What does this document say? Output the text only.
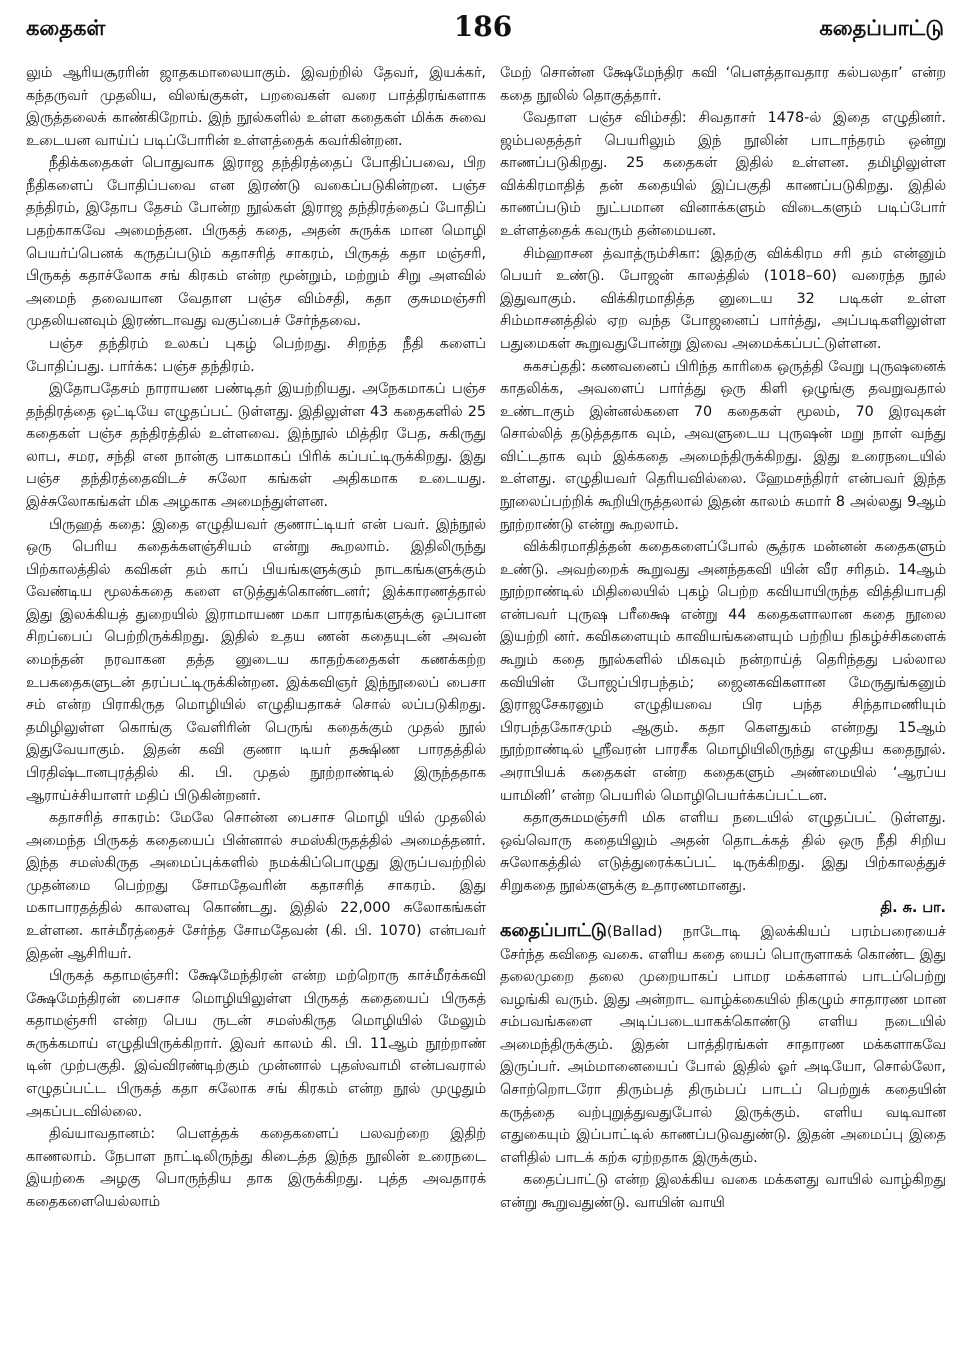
கதைகள்	186	கதைப்பாட்டு

லும் ஆரியசூரரின் ஜாதகமாலையாகும். இவற்றில் தேவர், இயக்கர், கந்தருவர் முதலிய, விலங்குகள், பறவைகள் வரை பாத்திரங்களாக இருத்தலைக் காண்கிறோம். இந் நூல்களில் உள்ள கதைகள் மிக்க சுவை உடையன வாய்ப் படிப்போரின் உள்ளத்தைக் கவர்கின்றன.

நீதிக்கதைகள் பொதுவாக இராஜ தந்திரத்தைப் போதிப்பவை, பிற நீதிகளைப் போதிப்பவை என இரண்டு வகைப்படுகின்றன. பஞ்ச தந்திரம், இதோப தேசம் போன்ற நூல்கள் இராஜ தந்திரத்தைப் போதிப் பதற்காகவே அமைந்தன. பிருகத் கதை, அதன் சுருக்க மான மொழி பெயர்ப்பெனக் கருதப்படும் கதாசரித் சாகரம், பிருகத் கதா மஞ்சரி, பிருகத் கதாச்லோக சங் கிரகம் என்ற மூன்றும், மற்றும் சிறு அளவில் அமைந் தவையான வேதாள பஞ்ச விம்சதி, கதா குசுமமஞ்சரி முதலியனவும் இரண்டாவது வகுப்பைச் சேர்ந்தவை.

பஞ்ச தந்திரம் உலகப் புகழ் பெற்றது. சிறந்த நீதி களைப் போதிப்பது. பார்க்க: பஞ்ச தந்திரம்.

இதோபதேசம் நாராயண பண்டிதர் இயற்றியது. அநேகமாகப் பஞ்ச தந்திரத்தை ஒட்டியே எழுதப்பட் டுள்ளது. இதிலுள்ள 43 கதைகளில் 25 கதைகள் பஞ்ச தந்திரத்தில் உள்ளவை. இந்நூல் மித்திர பேத, சுகிருது லாப, சமர, சந்தி என நான்கு பாகமாகப் பிரிக் கப்பட்டிருக்கிறது. இது பஞ்ச தந்திரத்தைவிடச் சுலோ கங்கள் அதிகமாக உடையது. இச்சுலோகங்கள் மிக அழகாக அமைந்துள்ளன.

பிருஹத் கதை: இதை எழுதியவர் குணாட்டியர் என் பவர். இந்நூல் ஒரு பெரிய கதைக்களஞ்சியம் என்று கூறலாம். இதிலிருந்து பிற்காலத்தில் கவிகள் தம் காப் பியங்களுக்கும் நாடகங்களுக்கும் வேண்டிய மூலக்கதை களை எடுத்துக்கொண்டனர்; இக்காரணத்தால் இது இலக்கியத் துறையில் இராமாயண மகா பாரதங்களுக்கு ஒப்பான சிறப்பைப் பெற்றிருக்கிறது. இதில் உதய ணன் கதையுடன் அவன் மைந்தன் நரவாகன தத்த னுடைய காதற்கதைகள் கணக்கற்ற உபகதைகளுடன் தரப்பட்டிருக்கின்றன. இக்கவிஞர் இந்நூலைப் பைசா சம் என்ற பிராகிருத மொழியில் எழுதியதாகச் சொல் லப்படுகிறது. தமிழிலுள்ள கொங்கு வேளிரின் பெருங் கதைக்கும் முதல் நூல் இதுவேயாகும். இதன் கவி குணா டியர் தக்ஷிண பாரதத்தில் பிரதிஷ்டானபுரத்தில் கி. பி. முதல் நூற்றாண்டில் இருந்ததாக ஆராய்ச்சியாளர் மதிப் பிடுகின்றனர்.

கதாசரித் சாகரம்: மேலே சொன்ன பைசாச மொழி யில் முதலில் அமைந்த பிருகத் கதையைப் பின்னால் சமஸ்கிருதத்தில் அமைத்தனர். இந்த சமஸ்கிருத அமைப்புக்களில் நமக்கிப்பொழுது இருப்பவற்றில் முதன்மை பெற்றது சோமதேவரின் கதாசரித் சாகரம். இது மகாபாரதத்தில் காலளவு கொண்டது. இதில் 22,000 சுலோகங்கள் உள்ளன. காச்மீரத்தைச் சேர்ந்த சோமதேவன் (கி. பி. 1070) என்பவர் இதன் ஆசிரியர்.

பிருகத் கதாமஞ்சரி: க்ஷேமேந்திரன் என்ற மற்றொரு காச்மீரக்கவி க்ஷேமேந்திரன் பைசாச மொழியிலுள்ள பிருகத் கதையைப் பிருகத் கதாமஞ்சரி என்ற பெய ருடன் சமஸ்கிருத மொழியில் மேலும் சுருக்கமாய் எழுதியிருக்கிறார். இவர் காலம் கி. பி. 11ஆம் நூற்றாண் டின் முற்பகுதி. இவ்விரண்டிற்கும் முன்னால் புதஸ்வாமி என்பவரால் எழுதப்பட்ட பிருகத் கதா சுலோக சங் கிரகம் என்ற நூல் முழுதும் அகப்படவில்லை.

திவ்யாவதானம்: பௌத்தக் கதைகளைப் பலவற்றை இதிற் காணலாம். நேபாள நாட்டிலிருந்து கிடைத்த இந்த நூலின் உரைநடை இயற்கை அழகு பொருந்திய தாக இருக்கிறது. புத்த அவதாரக் கதைகளையெல்லாம்

மேற் சொன்ன க்ஷேமேந்திர கவி ‘பௌத்தாவதார கல்பலதா’ என்ற கதை நூலில் தொகுத்தார்.

வேதாள பஞ்ச விம்சதி: சிவதாசர் 1478-ல் இதை எழுதினர். ஜம்பலதத்தர் பெயரிலும் இந் நூலின் பாடாந்தரம் ஒன்று காணப்படுகிறது. 25 கதைகள் இதில் உள்ளன. தமிழிலுள்ள விக்கிரமாதித் தன் கதையில் இப்பகுதி காணப்படுகிறது. இதில் காணப்படும் நுட்பமான வினாக்களும் விடைகளும் படிப்போர் உள்ளத்தைக் கவரும் தன்மையன.

சிம்ஹாசன த்வாத்ரும்சிகா: இதற்கு விக்கிரம சரி தம் என்னும் பெயர் உண்டு. போஜன் காலத்தில் (1018–60) வரைந்த நூல் இதுவாகும். விக்கிரமாதித்த னுடைய 32 படிகள் உள்ள சிம்மாசனத்தில் ஏற வந்த போஜனைப் பார்த்து, அப்படிகளிலுள்ள பதுமைகள் கூறுவதுபோன்று இவை அமைக்கப்பட்டுள்ளன.

சுகசப்ததி: கணவனைப் பிரிந்த காரிகை ஒருத்தி வேறு புருஷனைக் காதலிக்க, அவளைப் பார்த்து ஒரு கிளி ஒழுங்கு தவறுவதால் உண்டாகும் இன்னல்களை 70 கதைகள் மூலம், 70 இரவுகள் சொல்லித் தடுத்ததாக வும், அவளுடைய புருஷன் மறு நாள் வந்து விட்டதாக வும் இக்கதை அமைந்திருக்கிறது. இது உரைநடையில் உள்ளது. எழுதியவர் தெரியவில்லை. ஹேமசந்திரர் என்பவர் இந்த நூலைப்பற்றிக் கூறியிருத்தலால் இதன் காலம் சுமார் 8 அல்லது 9ஆம் நூற்றாண்டு என்று கூறலாம்.

விக்கிரமாதித்தன் கதைகளைப்போல் சூத்ரக மன்னன் கதைகளும் உண்டு. அவற்றைக் கூறுவது அனந்தகவி யின் வீர சரிதம். 14ஆம் நூற்றாண்டில் மிதிலையில் புகழ் பெற்ற கவியாயிருந்த வித்தியாபதி என்பவர் புருஷ பரீக்ஷை என்று 44 கதைகளாலான கதை நூலை இயற்றி னர். கவிகளையும் காவியங்களையும் பற்றிய நிகழ்ச்சிகளைக் கூறும் கதை நூல்களில் மிகவும் நன்றாய்த் தெரிந்தது பல்லால கவியின் போஜப்பிரபந்தம்; ஜைனகவிகளான மேருதுங்கனும் இராஜசேகரனும் எழுதியவை பிர பந்த சிந்தாமணியும் பிரபந்தகோசமும் ஆகும். கதா கௌதுகம் என்றது 15ஆம் நூற்றாண்டில் ஸ்ரீவரன் பாரசீக மொழியிலிருந்து எழுதிய கதைநூல். அராபியக் கதைகள் என்ற கதைகளும் அண்மையில் ‘ஆரப்ய யாமினி’ என்ற பெயரில் மொழிபெயர்க்கப்பட்டன.

கதாகுசுமமஞ்சரி மிக எளிய நடையில் எழுதப்பட் டுள்ளது. ஒவ்வொரு கதையிலும் அதன் தொடக்கத் தில் ஒரு நீதி சிறிய சுலோகத்தில் எடுத்துரைக்கப்பட் டிருக்கிறது. இது பிற்காலத்துச் சிறுகதை நூல்களுக்கு உதாரணமானது.

தி. சு. பா.

கதைப்பாட்டு(Ballad) நாடோடி இலக்கியப் பரம்பரையைச் சேர்ந்த கவிதை வகை. எளிய கதை யைப் பொருளாகக் கொண்ட இது தலைமுறை தலை முறையாகப் பாமர மக்களால் பாடப்பெற்று வழங்கி வரும். இது அன்றாட வாழ்க்கையில் நிகழும் சாதாரண மான சம்பவங்களை அடிப்படையாகக்கொண்டு எளிய நடையில் அமைந்திருக்கும். இதன் பாத்திரங்கள் சாதாரண மக்களாகவே இருப்பர். அம்மானையைப் போல் இதில் ஓர் அடியோ, சொல்லோ, சொற்றொடரோ திரும்பத் திரும்பப் பாடப் பெற்றுக் கதையின் கருத்தை வற்புறுத்துவதுபோல் இருக்கும். எளிய வடிவான எதுகையும் இப்பாட்டில் காணப்படுவதுண்டு. இதன் அமைப்பு இதை எளிதில் பாடக் கற்க ஏற்றதாக இருக்கும்.

கதைப்பாட்டு என்ற இலக்கிய வகை மக்களது வாயில் வாழ்கிறது என்று கூறுவதுண்டு. வாயின் வாயி
